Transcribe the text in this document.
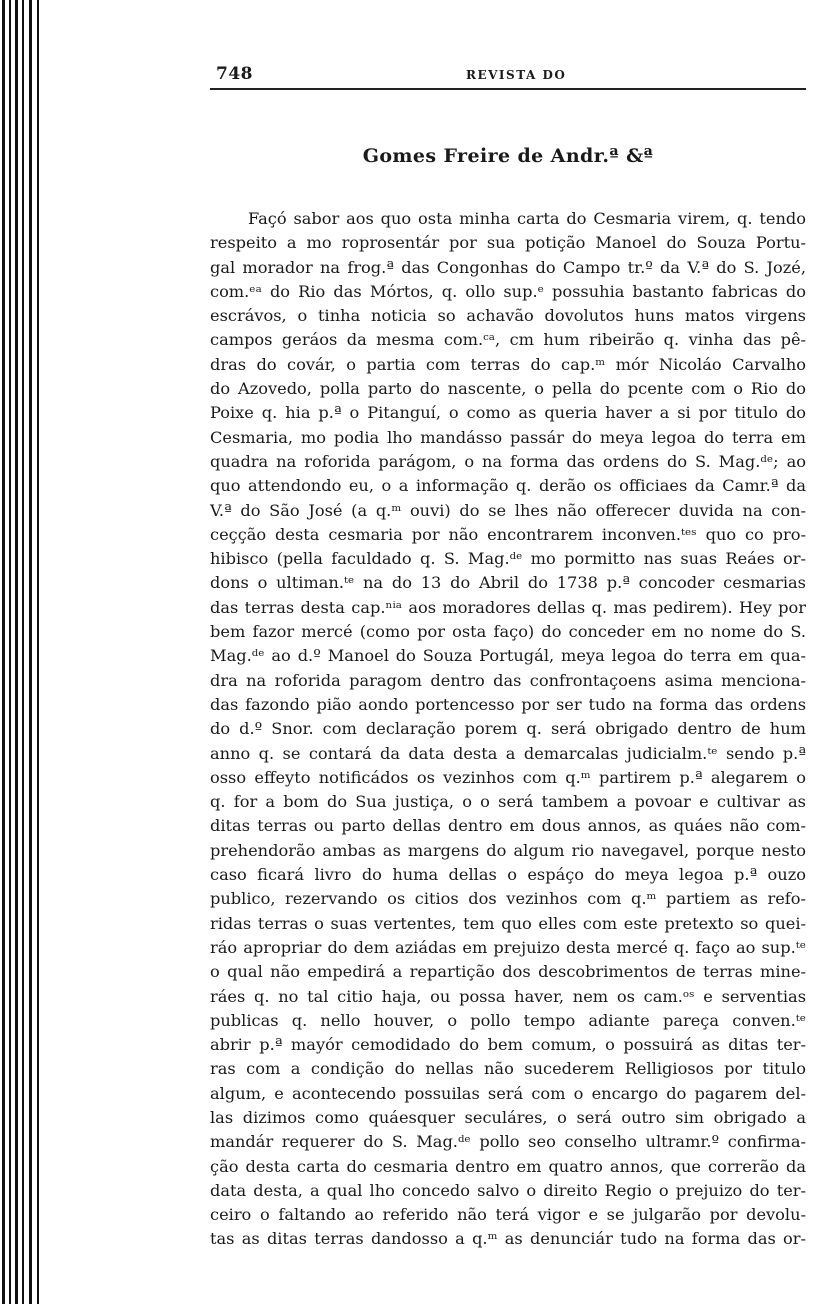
748	REVISTA DO
Gomes Freire de Andr.ª &ª
Façó sabor aos quo osta minha carta do Cesmaria virem, q. tendo
respeito a mo roprosentár por sua potição Manoel do Souza Portu-
gal morador na frog.ª das Congonhas do Campo tr.º da V.ª do S. Jozé,
com.ᵉᵃ do Rio das Mórtos, q. ollo sup.ᵉ possuhia bastanto fabricas do
escrávos, o tinha noticia so achavão dovolutos huns matos virgens
campos geráos da mesma com.ᶜᵃ, cm hum ribeirão q. vinha das pê-
dras do covár, o partia com terras do cap.ᵐ mór Nicoláo Carvalho
do Azovedo, polla parto do nascente, o pella do pcente com o Rio do
Poixe q. hia p.ª o Pitanguí, o como as queria haver a si por titulo do
Cesmaria, mo podia lho mandásso passár do meya legoa do terra em
quadra na roforida parágom, o na forma das ordens do S. Mag.ᵈᵉ; ao
quo attendondo eu, o a informação q. derão os officiaes da Camr.ª da
V.ª do São José (a q.ᵐ ouvi) do se lhes não offerecer duvida na con-
ceçção desta cesmaria por não encontrarem inconven.ᵗᵉˢ quo co pro-
hibisco (pella faculdado q. S. Mag.ᵈᵉ mo pormitto nas suas Reáes or-
dons o ultiman.ᵗᵉ na do 13 do Abril do 1738 p.ª concoder cesmarias
das terras desta cap.ⁿⁱᵃ aos moradores dellas q. mas pedirem). Hey por
bem fazor mercé (como por osta faço) do conceder em no nome do S.
Mag.ᵈᵉ ao d.º Manoel do Souza Portugál, meya legoa do terra em qua-
dra na roforida paragom dentro das confrontaçoens asima menciona-
das fazondo pião aondo portencesso por ser tudo na forma das ordens
do d.º Snor. com declaração porem q. será obrigado dentro de hum
anno q. se contará da data desta a demarcalas judicialm.ᵗᵉ sendo p.ª
osso effeyto notificádos os vezinhos com q.ᵐ partirem p.ª alegarem o
q. for a bom do Sua justiça, o o será tambem a povoar e cultivar as
ditas terras ou parto dellas dentro em dous annos, as quáes não com-
prehendorão ambas as margens do algum rio navegavel, porque nesto
caso ficará livro do huma dellas o espáço do meya legoa p.ª ouzo
publico, rezervando os citios dos vezinhos com q.ᵐ partiem as refo-
ridas terras o suas vertentes, tem quo elles com este pretexto so quei-
ráo apropriar do dem aziádas em prejuizo desta mercé q. faço ao sup.ᵗᵉ
o qual não empedirá a repartição dos descobrimentos de terras mine-
ráes q. no tal citio haja, ou possa haver, nem os cam.ᵒˢ e serventias
publicas q. nello houver, o pollo tempo adiante pareça conven.ᵗᵉ
abrir p.ª mayór cemodidado do bem comum, o possuirá as ditas ter-
ras com a condição do nellas não sucederem Relligiosos por titulo
algum, e acontecendo possuilas será com o encargo do pagarem del-
las dizimos como quáesquer seculáres, o será outro sim obrigado a
mandár requerer do S. Mag.ᵈᵉ pollo seo conselho ultramr.º confirma-
ção desta carta do cesmaria dentro em quatro annos, que correrão da
data desta, a qual lho concedo salvo o direito Regio o prejuizo do ter-
ceiro o faltando ao referido não terá vigor e se julgarão por devolu-
tas as ditas terras dandosso a q.ᵐ as denunciár tudo na forma das or-
